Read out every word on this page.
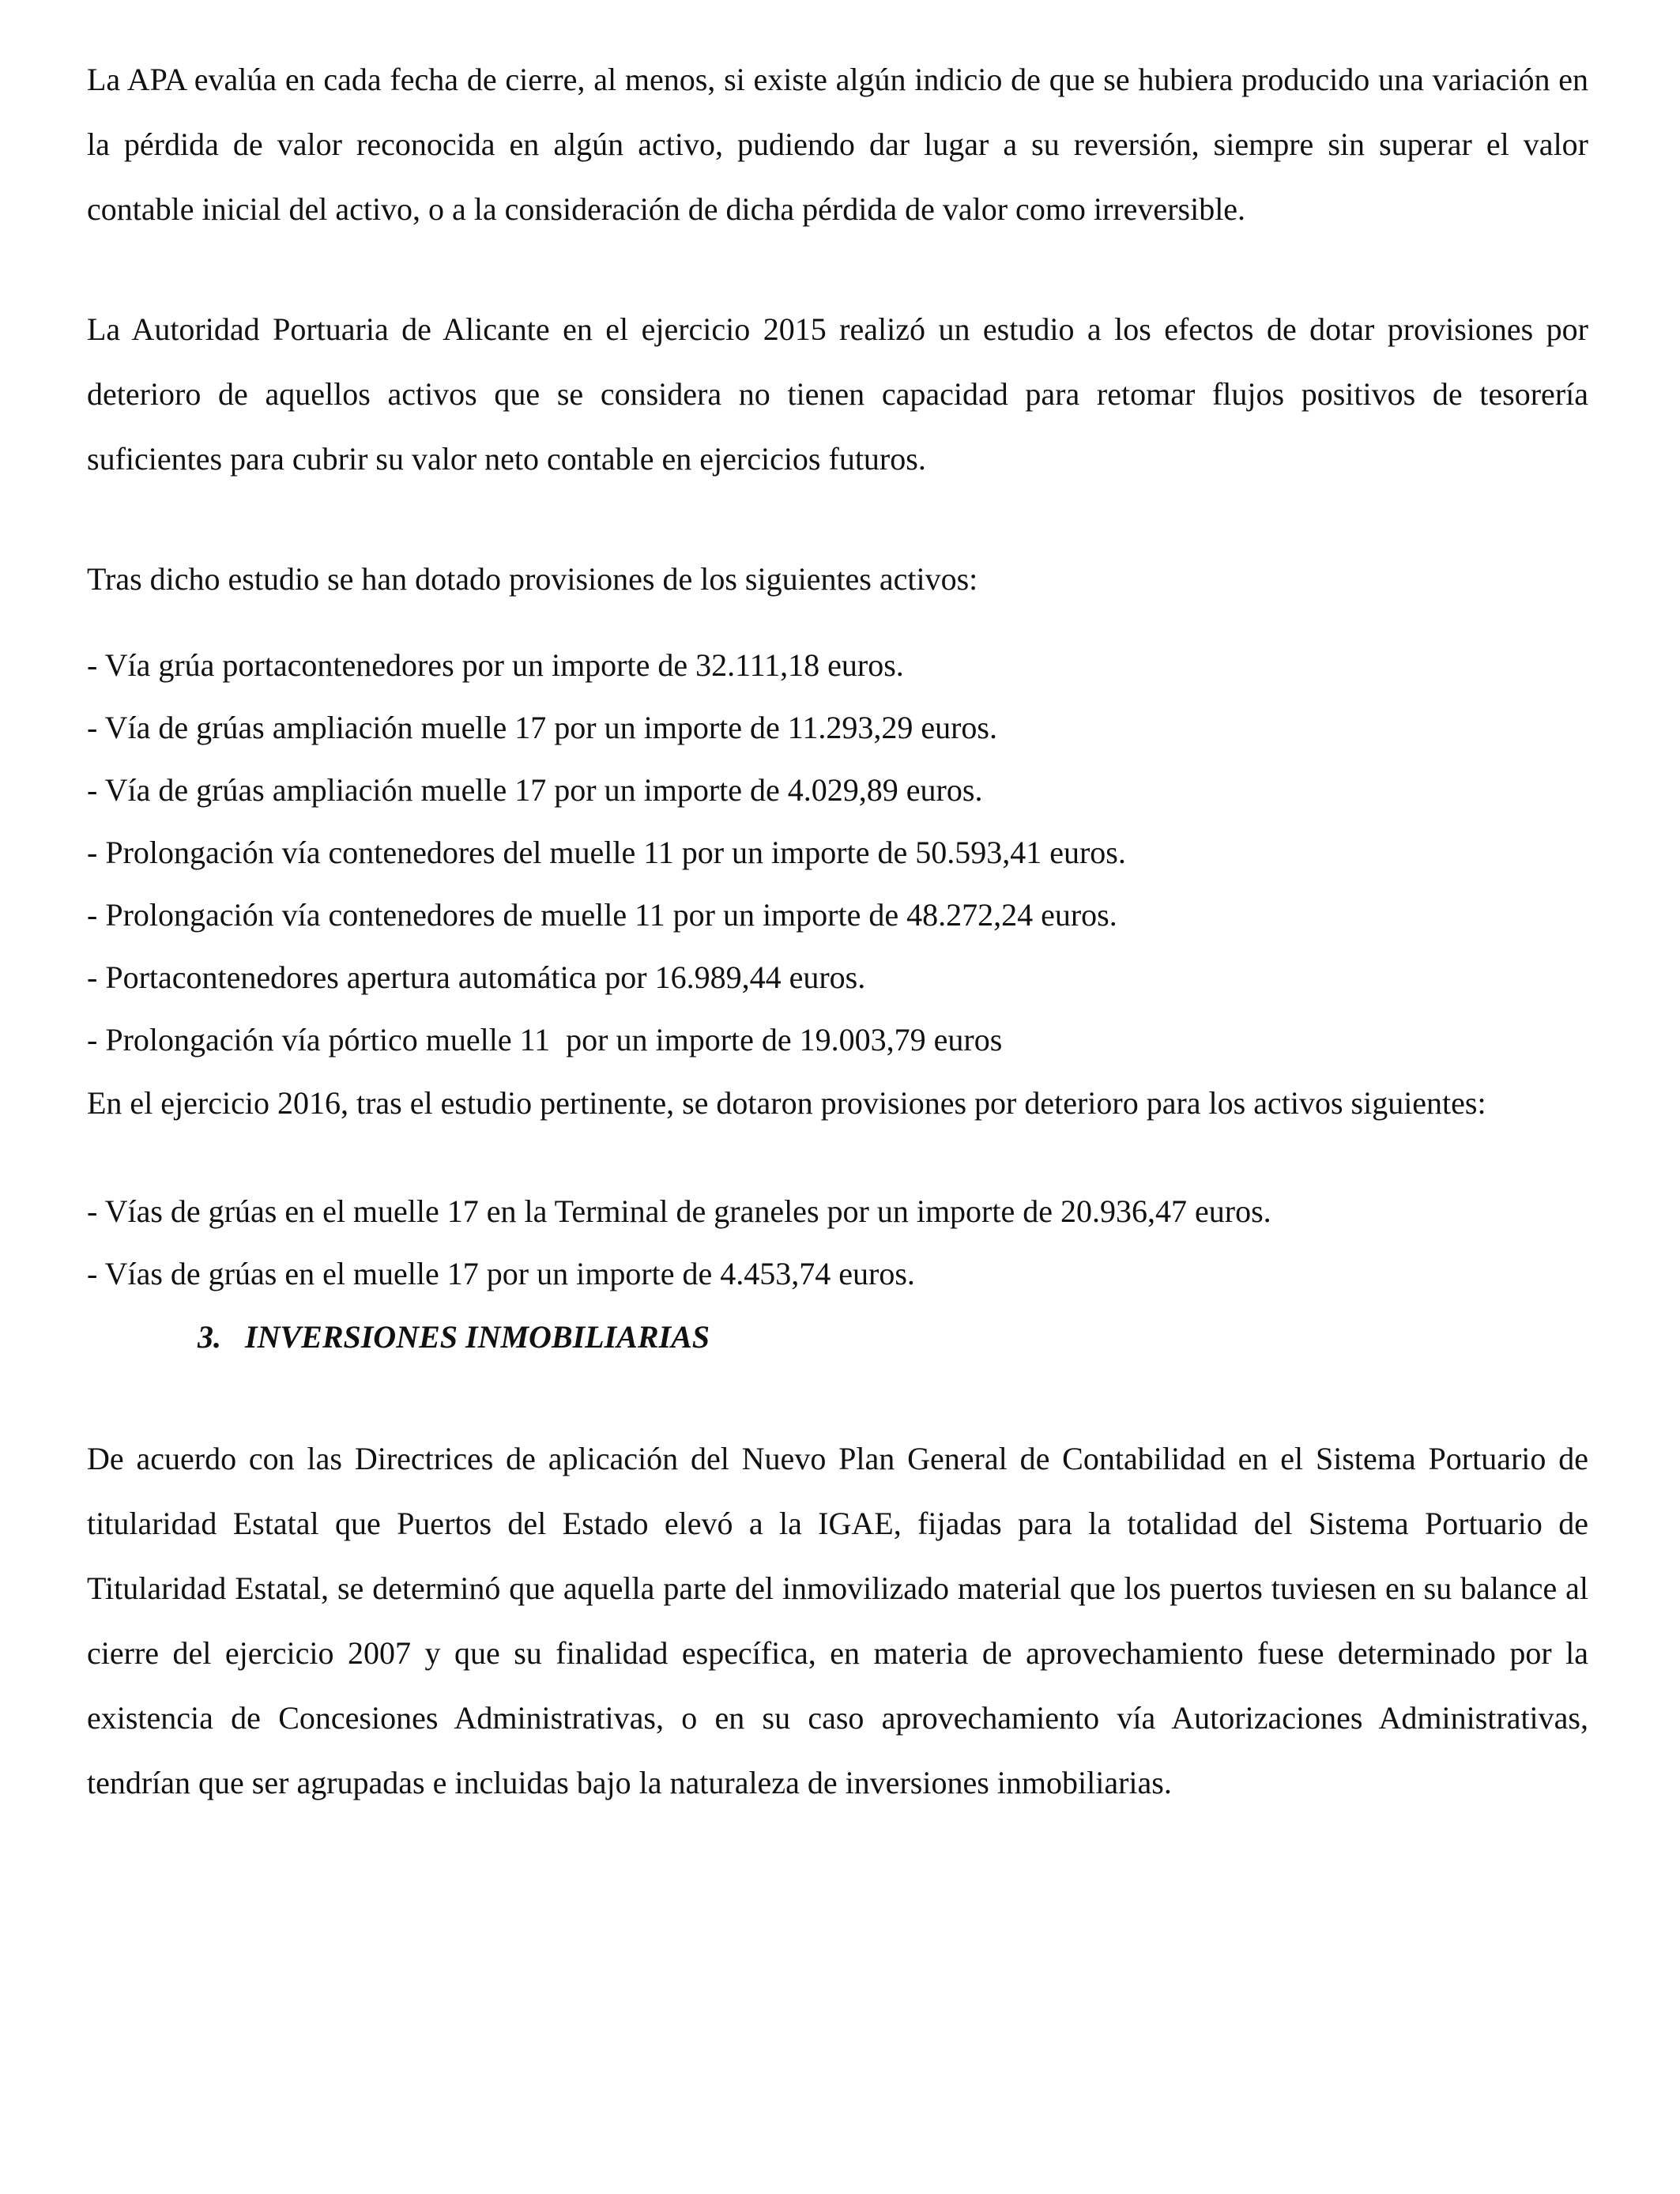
La APA evalúa en cada fecha de cierre, al menos, si existe algún indicio de que se hubiera producido una variación en la pérdida de valor reconocida en algún activo, pudiendo dar lugar a su reversión, siempre sin superar el valor contable inicial del activo, o a la consideración de dicha pérdida de valor como irreversible.

La Autoridad Portuaria de Alicante en el ejercicio 2015 realizó un estudio a los efectos de dotar provisiones por deterioro de aquellos activos que se considera no tienen capacidad para retomar flujos positivos de tesorería suficientes para cubrir su valor neto contable en ejercicios futuros.

Tras dicho estudio se han dotado provisiones de los siguientes activos:

- Vía grúa portacontenedores por un importe de 32.111,18 euros.
- Vía de grúas ampliación muelle 17 por un importe de 11.293,29 euros.
- Vía de grúas ampliación muelle 17 por un importe de 4.029,89 euros.
- Prolongación vía contenedores del muelle 11 por un importe de 50.593,41 euros.
- Prolongación vía contenedores de muelle 11 por un importe de 48.272,24 euros.
- Portacontenedores apertura automática por 16.989,44 euros.
- Prolongación vía pórtico muelle 11  por un importe de 19.003,79 euros

En el ejercicio 2016, tras el estudio pertinente, se dotaron provisiones por deterioro para los activos siguientes:

- Vías de grúas en el muelle 17 en la Terminal de graneles por un importe de 20.936,47 euros.
- Vías de grúas en el muelle 17 por un importe de 4.453,74 euros.
3. INVERSIONES INMOBILIARIAS

De acuerdo con las Directrices de aplicación del Nuevo Plan General de Contabilidad en el Sistema Portuario de titularidad Estatal que Puertos del Estado elevó a la IGAE, fijadas para la totalidad del Sistema Portuario de Titularidad Estatal, se determinó que aquella parte del inmovilizado material que los puertos tuviesen en su balance al cierre del ejercicio 2007 y que su finalidad específica, en materia de aprovechamiento fuese determinado por la existencia de Concesiones Administrativas, o en su caso aprovechamiento vía Autorizaciones Administrativas, tendrían que ser agrupadas e incluidas bajo la naturaleza de inversiones inmobiliarias.
